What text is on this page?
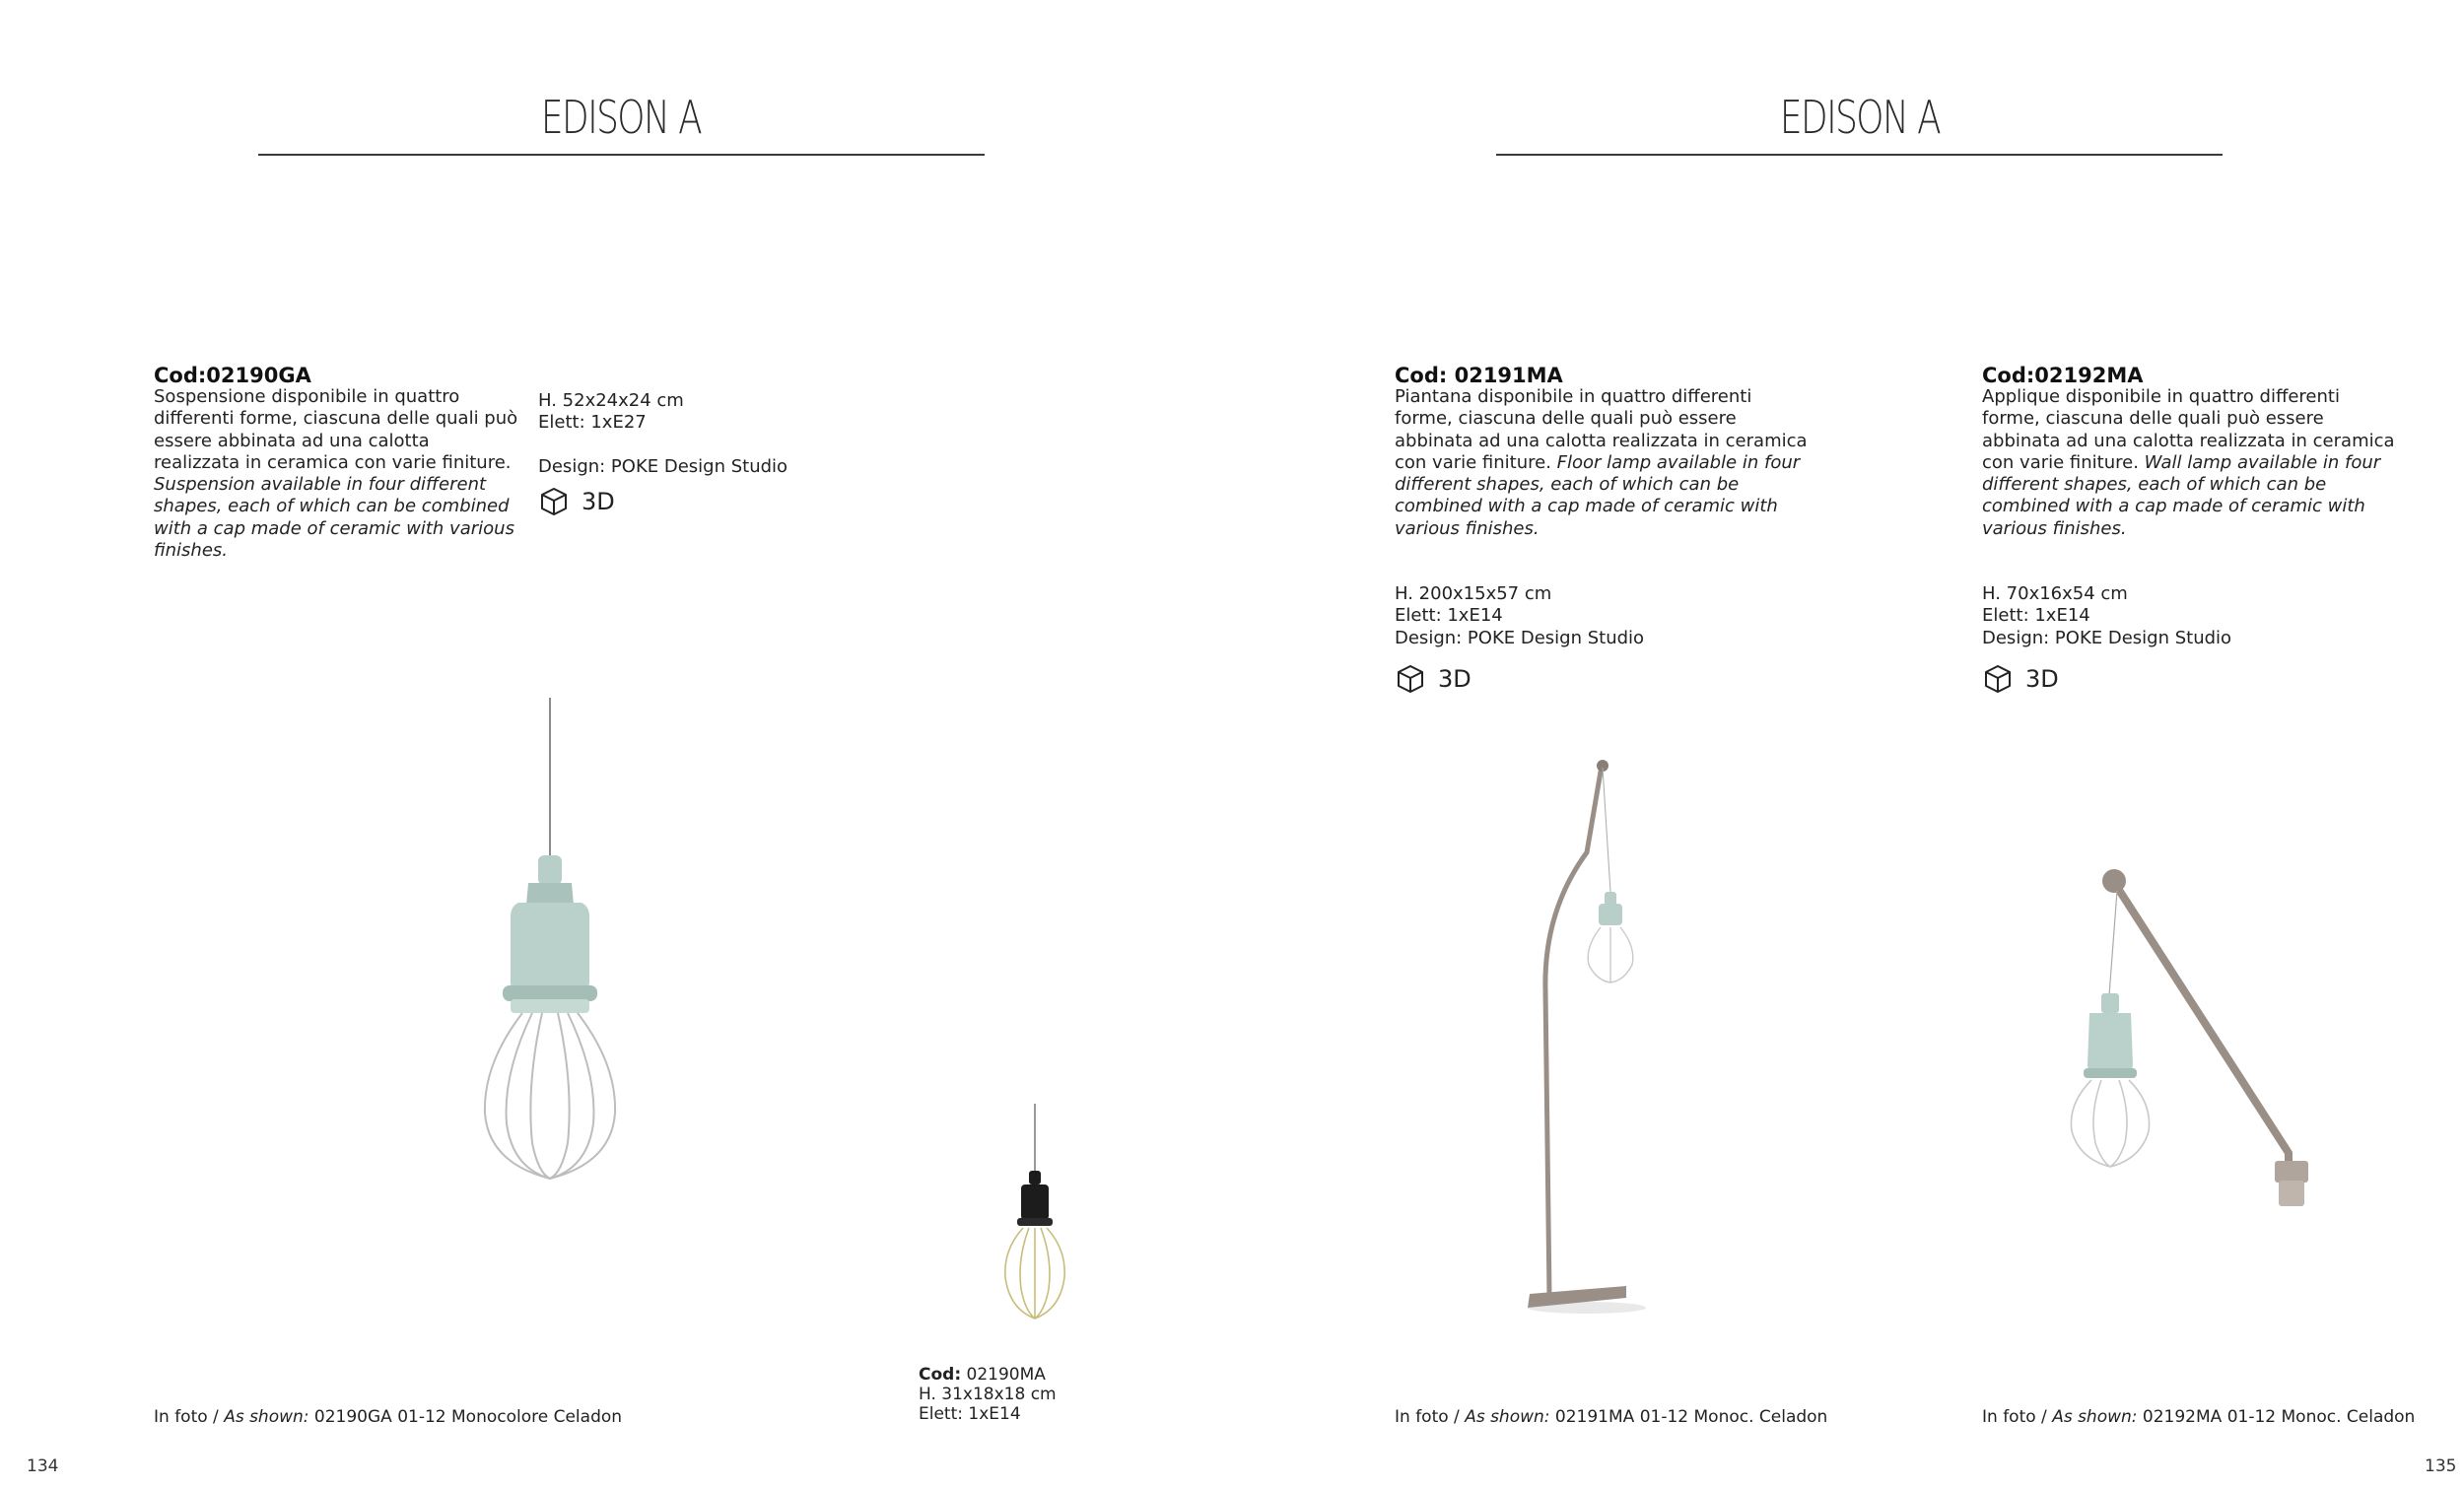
EDISON A
Cod:02190GA
Sospensione disponibile in quattro differenti forme, ciascuna delle quali può essere abbinata ad una calotta realizzata in ceramica con varie finiture. Suspension available in four different shapes, each of which can be combined with a cap made of ceramic with various finishes.
H. 52x24x24 cm
Elett: 1xE27
Design: POKE Design Studio
3D
Cod: 02190MA
H. 31x18x18 cm
Elett: 1xE14
In foto / As shown: 02190GA 01-12 Monocolore Celadon
134
EDISON A
Cod: 02191MA
Piantana disponibile in quattro differenti forme, ciascuna delle quali può essere abbinata ad una calotta realizzata in ceramica con varie finiture. Floor lamp available in four different shapes, each of which can be combined with a cap made of ceramic with various finishes.
H. 200x15x57 cm
Elett: 1xE14
Design: POKE Design Studio
3D
Cod:02192MA
Applique disponibile in quattro differenti forme, ciascuna delle quali può essere abbinata ad una calotta realizzata in ceramica con varie finiture. Wall lamp available in four different shapes, each of which can be combined with a cap made of ceramic with various finishes.
H. 70x16x54 cm
Elett: 1xE14
Design: POKE Design Studio
3D
In foto / As shown: 02191MA 01-12 Monoc. Celadon	In foto / As shown: 02192MA 01-12 Monoc. Celadon
135
